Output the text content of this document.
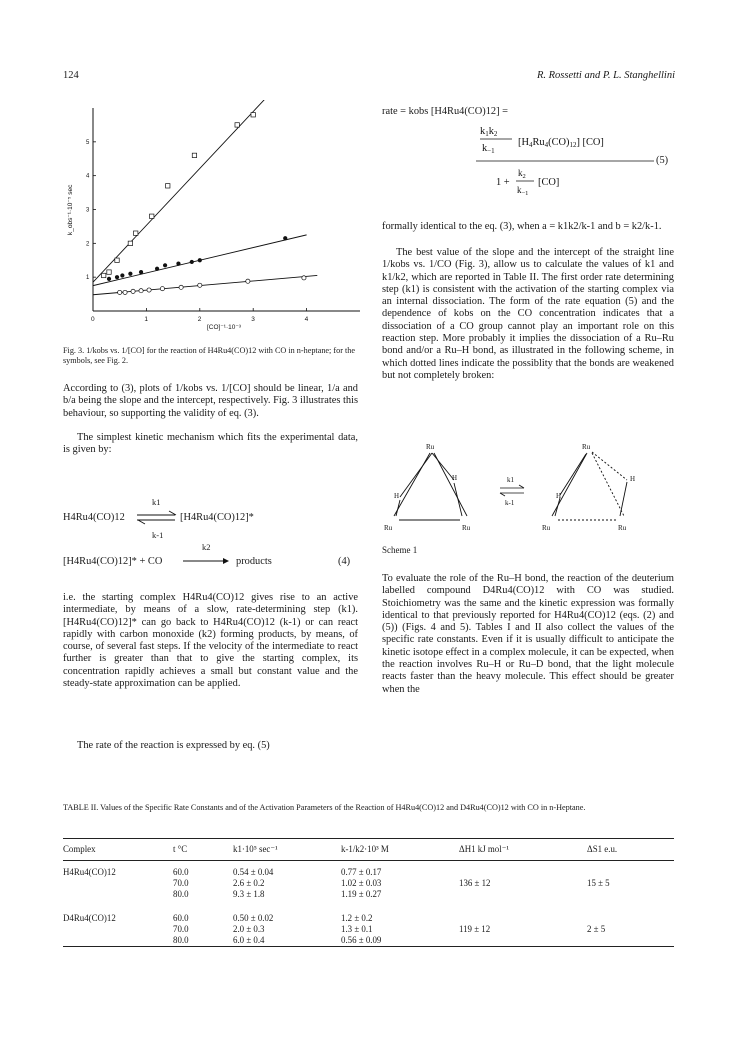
124	R. Rossetti and P. L. Stanghellini
0	1	2	3	4
1
2
3
4
5
k_obs⁻¹·10⁻⁵ sec
[CO]⁻¹·10⁻³
Fig. 3. 1/kobs vs. 1/[CO] for the reaction of H4Ru4(CO)12 with CO in n-heptane; for the symbols, see Fig. 2.
According to (3), plots of 1/kobs vs. 1/[CO] should be linear, 1/a and b/a being the slope and the intercept, respectively. Fig. 3 illustrates this behaviour, so supporting the validity of eq. (3).
The simplest kinetic mechanism which fits the experimental data, is given by:
H4Ru4(CO)12	[H4Ru4(CO)12]*
k1
k-1
[H4Ru4(CO)12]* + CO
k2
→ products	(4)
i.e. the starting complex H4Ru4(CO)12 gives rise to an active intermediate, by means of a slow, rate-determining step (k1). [H4Ru4(CO)12]* can go back to H4Ru4(CO)12 (k-1) or can react rapidly with carbon monoxide (k2) forming products, by means, of course, of several fast steps. If the velocity of the intermediate to react further is greater than that to give the starting complex, its concentration rapidly achieves a small but constant value and the steady-state approximation can be applied.
The rate of the reaction is expressed by eq. (5)
rate = kobs [H4Ru4(CO)12] =
k1k2
k−1
[H4Ru4(CO)12] [CO]
1 +
$k_2$
$k_{-1}$
[CO]
(5)
formally identical to the eq. (3), when a = k1k2/k-1 and b = k2/k-1.
The best value of the slope and the intercept of the straight line 1/kobs vs. 1/CO (Fig. 3), allow us to calculate the values of k1 and k1/k2, which are reported in Table II. The first order rate determining step (k1) is consistent with the activation of the starting complex via an internal dissociation. The form of the rate equation (5) and the dependence of kobs on the CO concentration indicates that a dissociation of a CO group cannot play an important role on this reaction step. More probably it implies the dissociation of a Ru–Ru bond and/or a Ru–H bond, as illustrated in the following scheme, in which dotted lines indicate the possiblity that the bonds are weakened but not completely broken:
Ru
H
H
Ru	Ru
k1
k-1
Ru
H
H
Ru	Ru
Scheme 1
To evaluate the role of the Ru–H bond, the reaction of the deuterium labelled compound D4Ru4(CO)12 with CO was studied. Stoichiometry was the same and the kinetic expression was formally identical to that previously reported for H4Ru4(CO)12 (eqs. (2) and (5)) (Figs. 4 and 5). Tables I and II also collect the values of the specific rate constants. Even if it is usually difficult to anticipate the kinetic isotope effect in a complex molecule, it can be expected, when the reaction involves Ru–H or Ru–D bond, that the light molecule reacts faster than the heavy molecule. This effect should be greater when the
TABLE II. Values of the Specific Rate Constants and of the Activation Parameters of the Reaction of H4Ru4(CO)12 and D4Ru4(CO)12 with CO in n-Heptane.
Complex	t °C	k1·10⁵ sec⁻¹	k-1/k2·10³ M	ΔH1 kJ mol⁻¹	ΔS1 e.u.

H4Ru4(CO)12	60.0	0.54 ± 0.04	0.77 ± 0.17		
	70.0	2.6 ± 0.2	1.02 ± 0.03	136 ± 12	15 ± 5
	80.0	9.3 ± 1.8	1.19 ± 0.27		

D4Ru4(CO)12	60.0	0.50 ± 0.02	1.2 ± 0.2		
	70.0	2.0 ± 0.3	1.3 ± 0.1	119 ± 12	2 ± 5
	80.0	6.0 ± 0.4	0.56 ± 0.09		
